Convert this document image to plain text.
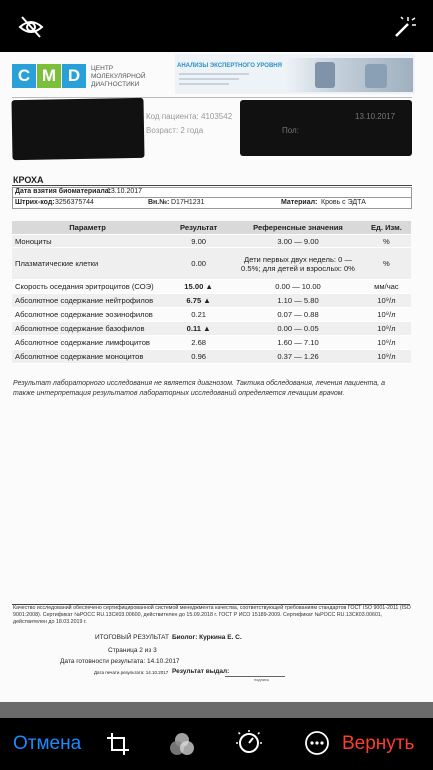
C M D	ЦЕНТР
МОЛЕКУЛЯРНОЙ
ДИАГНОСТИКИ
АНАЛИЗЫ ЭКСПЕРТНОГО УРОВНЯ
Код пациента: 4103542
Возраст: 2 года
13.10.2017
Пол:
КРОХА
Дата взятия биоматериала:
13.10.2017
Штрих-код: 3256375744	Вн.№: D17H1231	Материал: Кровь с ЭДТА
Параметр	Результат	Референсные значения	Ед. Изм.
Моноциты	9.00	3.00 — 9.00	%
Плазматические клетки	0.00	Дети первых двух недель: 0 — 0.5%; для детей и взрослых: 0%	%
Скорость оседания эритроцитов (СОЭ)	15.00 ▲	0.00 — 10.00	мм/час
Абсолютное содержание нейтрофилов	6.75 ▲	1.10 — 5.80	10⁹/л
Абсолютное содержание эозинофилов	0.21	0.07 — 0.88	10⁹/л
Абсолютное содержание базофилов	0.11 ▲	0.00 — 0.05	10⁹/л
Абсолютное содержание лимфоцитов	2.68	1.60 — 7.10	10⁹/л
Абсолютное содержание моноцитов	0.96	0.37 — 1.26	10⁹/л
Результат лабораторного исследования не является диагнозом. Тактика обследования, лечения пациента, а также интерпретация результатов лабораторных исследований определяется лечащим врачом.
Качество исследований обеспечено сертифицированной системой менеджмента качества, соответствующей требованиям стандартов ГОСТ ISO 9001-2011 (ISO 9001:2008). Сертификат №РОСС RU.13СК03.00600, действителен до 15.09.2018 г. ГОСТ Р ИСО 15189-2009. Сертификат №РОСС RU.13СК03.00601, действителен до 18.03.2019 г.
ИТОГОВЫЙ РЕЗУЛЬТАТ Биолог: Куркина Е. С.
Страница 2 из 3
Дата готовности результата: 14.10.2017
Дата печати результата: 14.10.2017 Результат выдал:
подпись
Отмена	Вернуть
